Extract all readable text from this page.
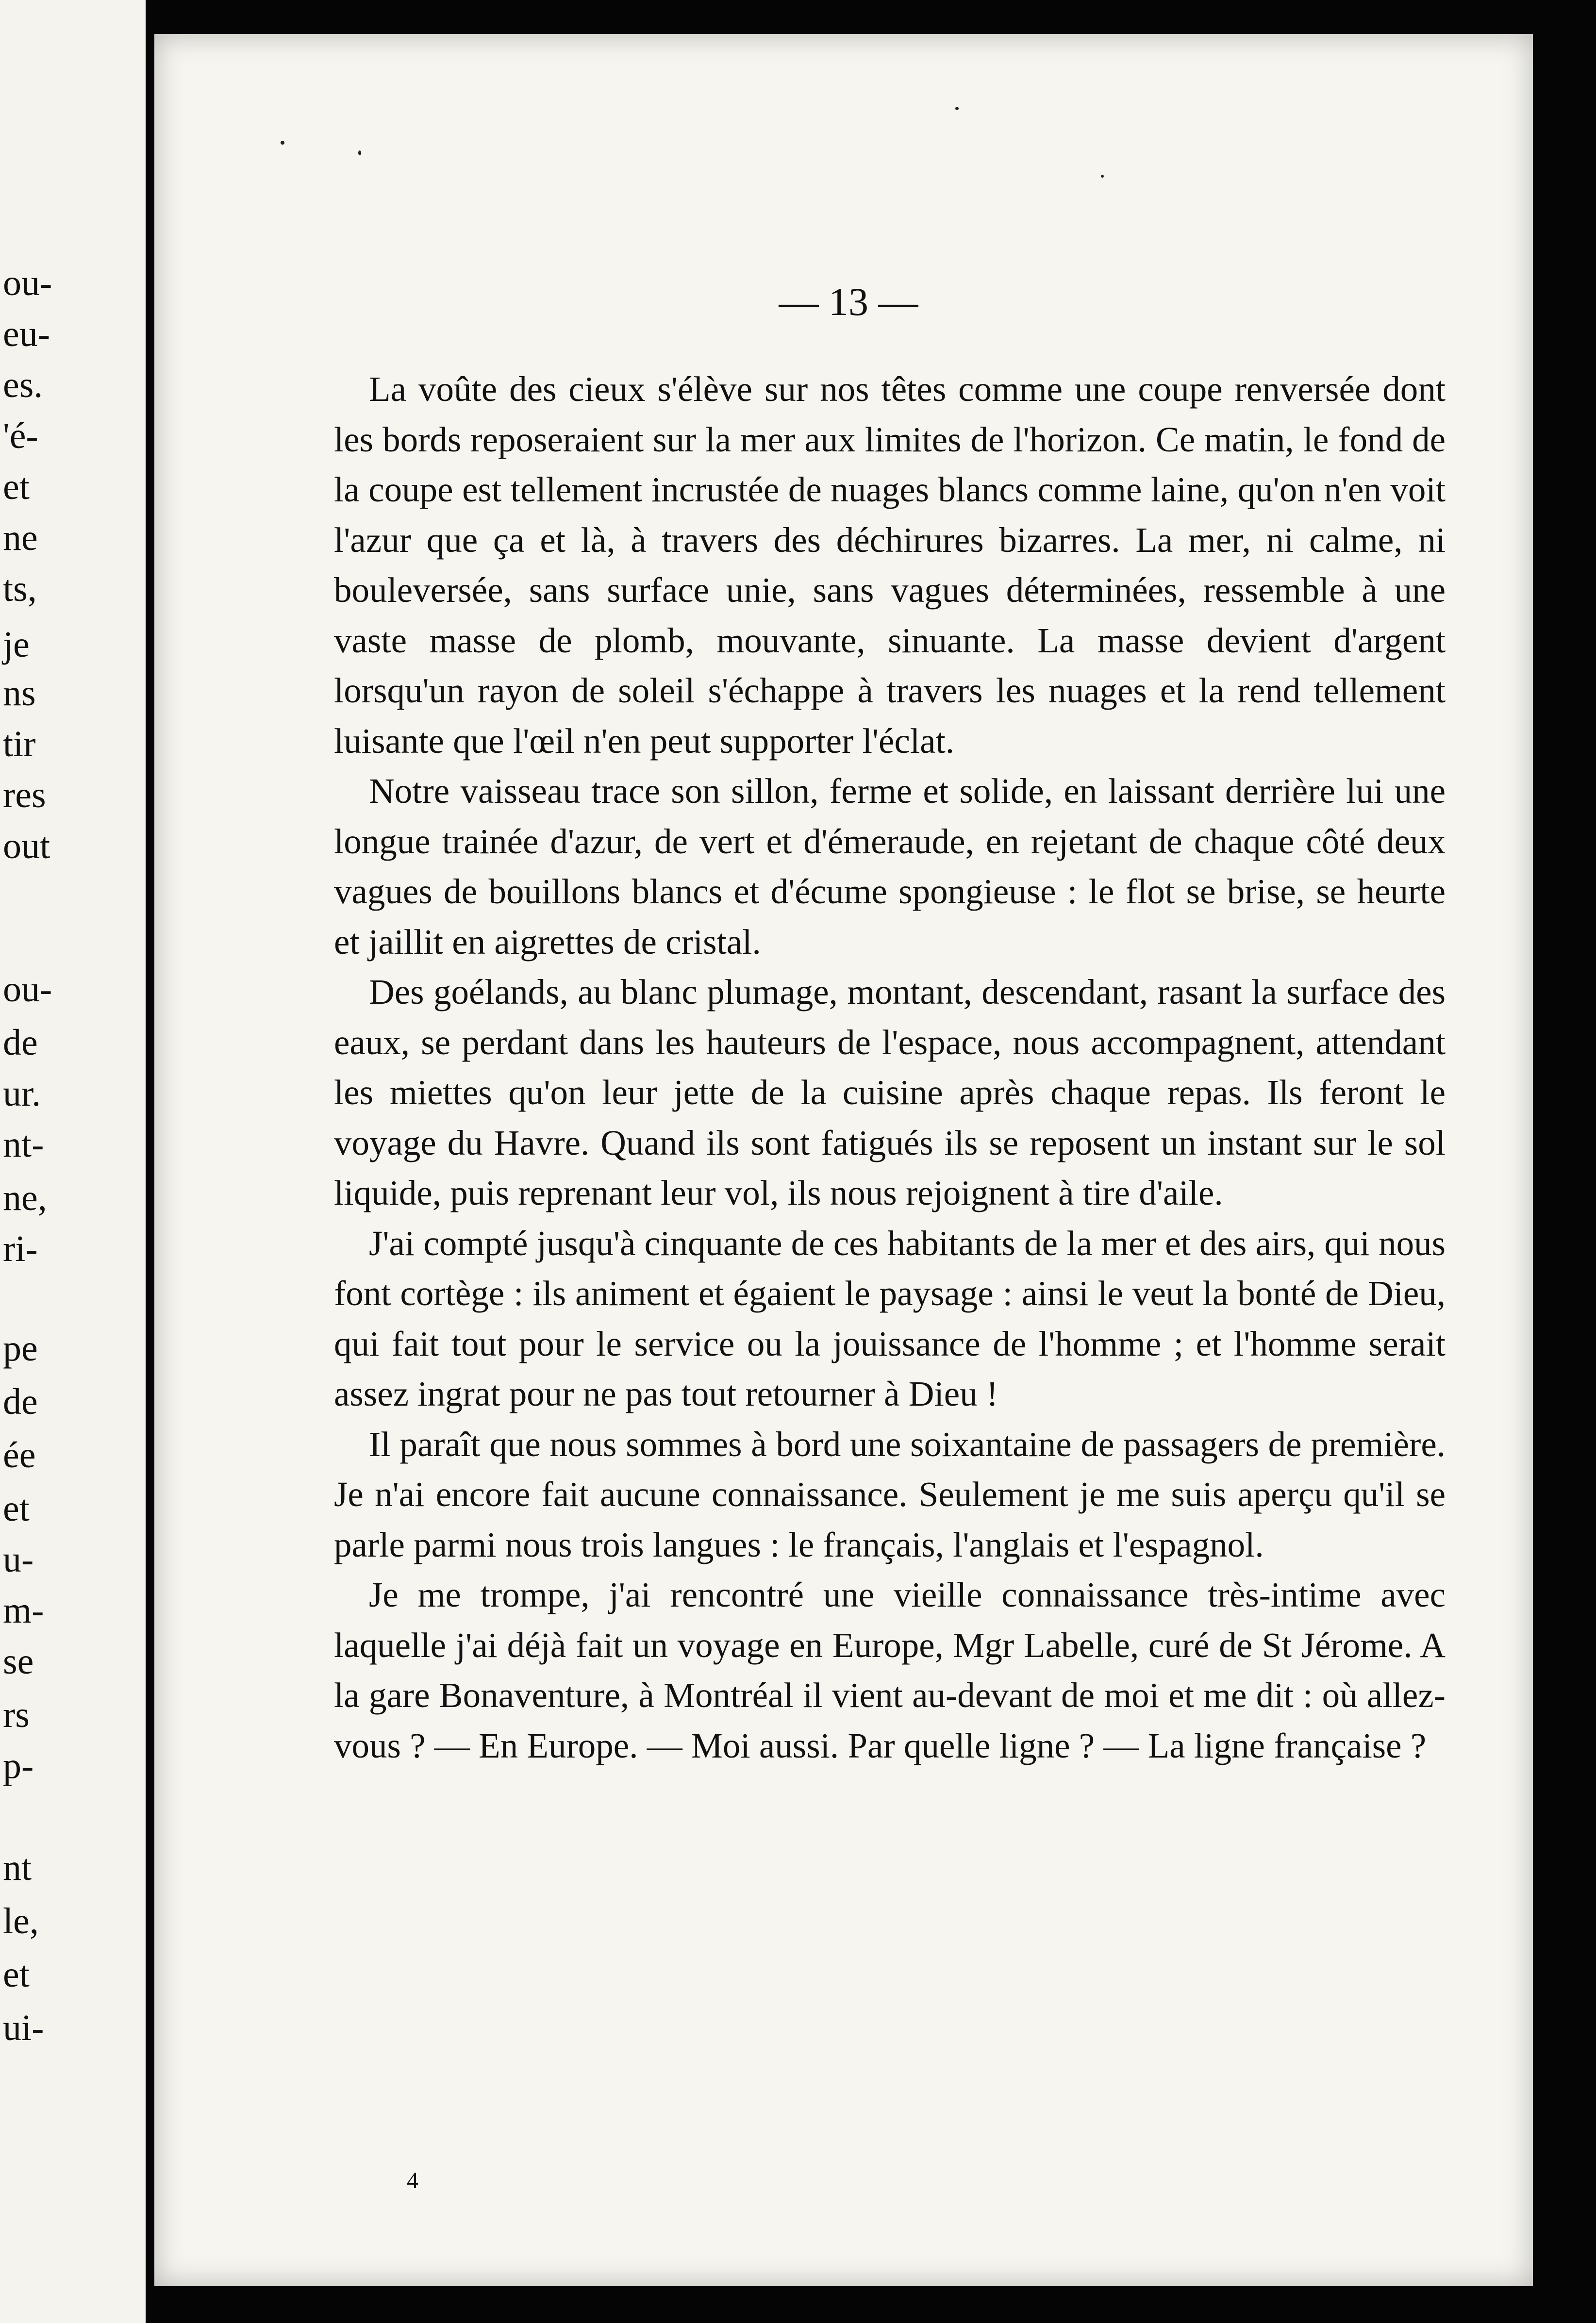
ou-
eu-
es.
'é-
et
ne
ts,
je
ns
tir
res
out
ou-
de
ur.
nt-
ne,
ri-
pe
de
ée
et
u-
m-
se
rs
p-
nt
le,
et
ui-
— 13 —

La voûte des cieux s'élève sur nos têtes comme une coupe renversée dont les bords reposeraient sur la mer aux limites de l'horizon. Ce matin, le fond de la coupe est tellement incrustée de nuages blancs comme laine, qu'on n'en voit l'azur que ça et là, à travers des déchirures bizarres. La mer, ni calme, ni bouleversée, sans surface unie, sans vagues déterminées, ressemble à une vaste masse de plomb, mouvante, sinuante. La masse devient d'argent lorsqu'un rayon de soleil s'échappe à travers les nuages et la rend tellement luisante que l'œil n'en peut supporter l'éclat.

Notre vaisseau trace son sillon, ferme et solide, en laissant derrière lui une longue trainée d'azur, de vert et d'émeraude, en rejetant de chaque côté deux vagues de bouillons blancs et d'écume spongieuse : le flot se brise, se heurte et jaillit en aigrettes de cristal.

Des goélands, au blanc plumage, montant, descendant, rasant la surface des eaux, se perdant dans les hauteurs de l'espace, nous accompagnent, attendant les miettes qu'on leur jette de la cuisine après chaque repas. Ils feront le voyage du Havre. Quand ils sont fatigués ils se reposent un instant sur le sol liquide, puis reprenant leur vol, ils nous rejoignent à tire d'aile.

J'ai compté jusqu'à cinquante de ces habitants de la mer et des airs, qui nous font cortège : ils animent et égaient le paysage : ainsi le veut la bonté de Dieu, qui fait tout pour le service ou la jouissance de l'homme ; et l'homme serait assez ingrat pour ne pas tout retourner à Dieu !

Il paraît que nous sommes à bord une soixantaine de passagers de première. Je n'ai encore fait aucune connaissance. Seulement je me suis aperçu qu'il se parle parmi nous trois langues : le français, l'anglais et l'espagnol.

Je me trompe, j'ai rencontré une vieille connaissance très-intime avec laquelle j'ai déjà fait un voyage en Europe, Mgr Labelle, curé de St Jérome. A la gare Bonaventure, à Montréal il vient au-devant de moi et me dit : où allez-vous ? — En Europe. — Moi aussi. Par quelle ligne ? — La ligne française ?

4
